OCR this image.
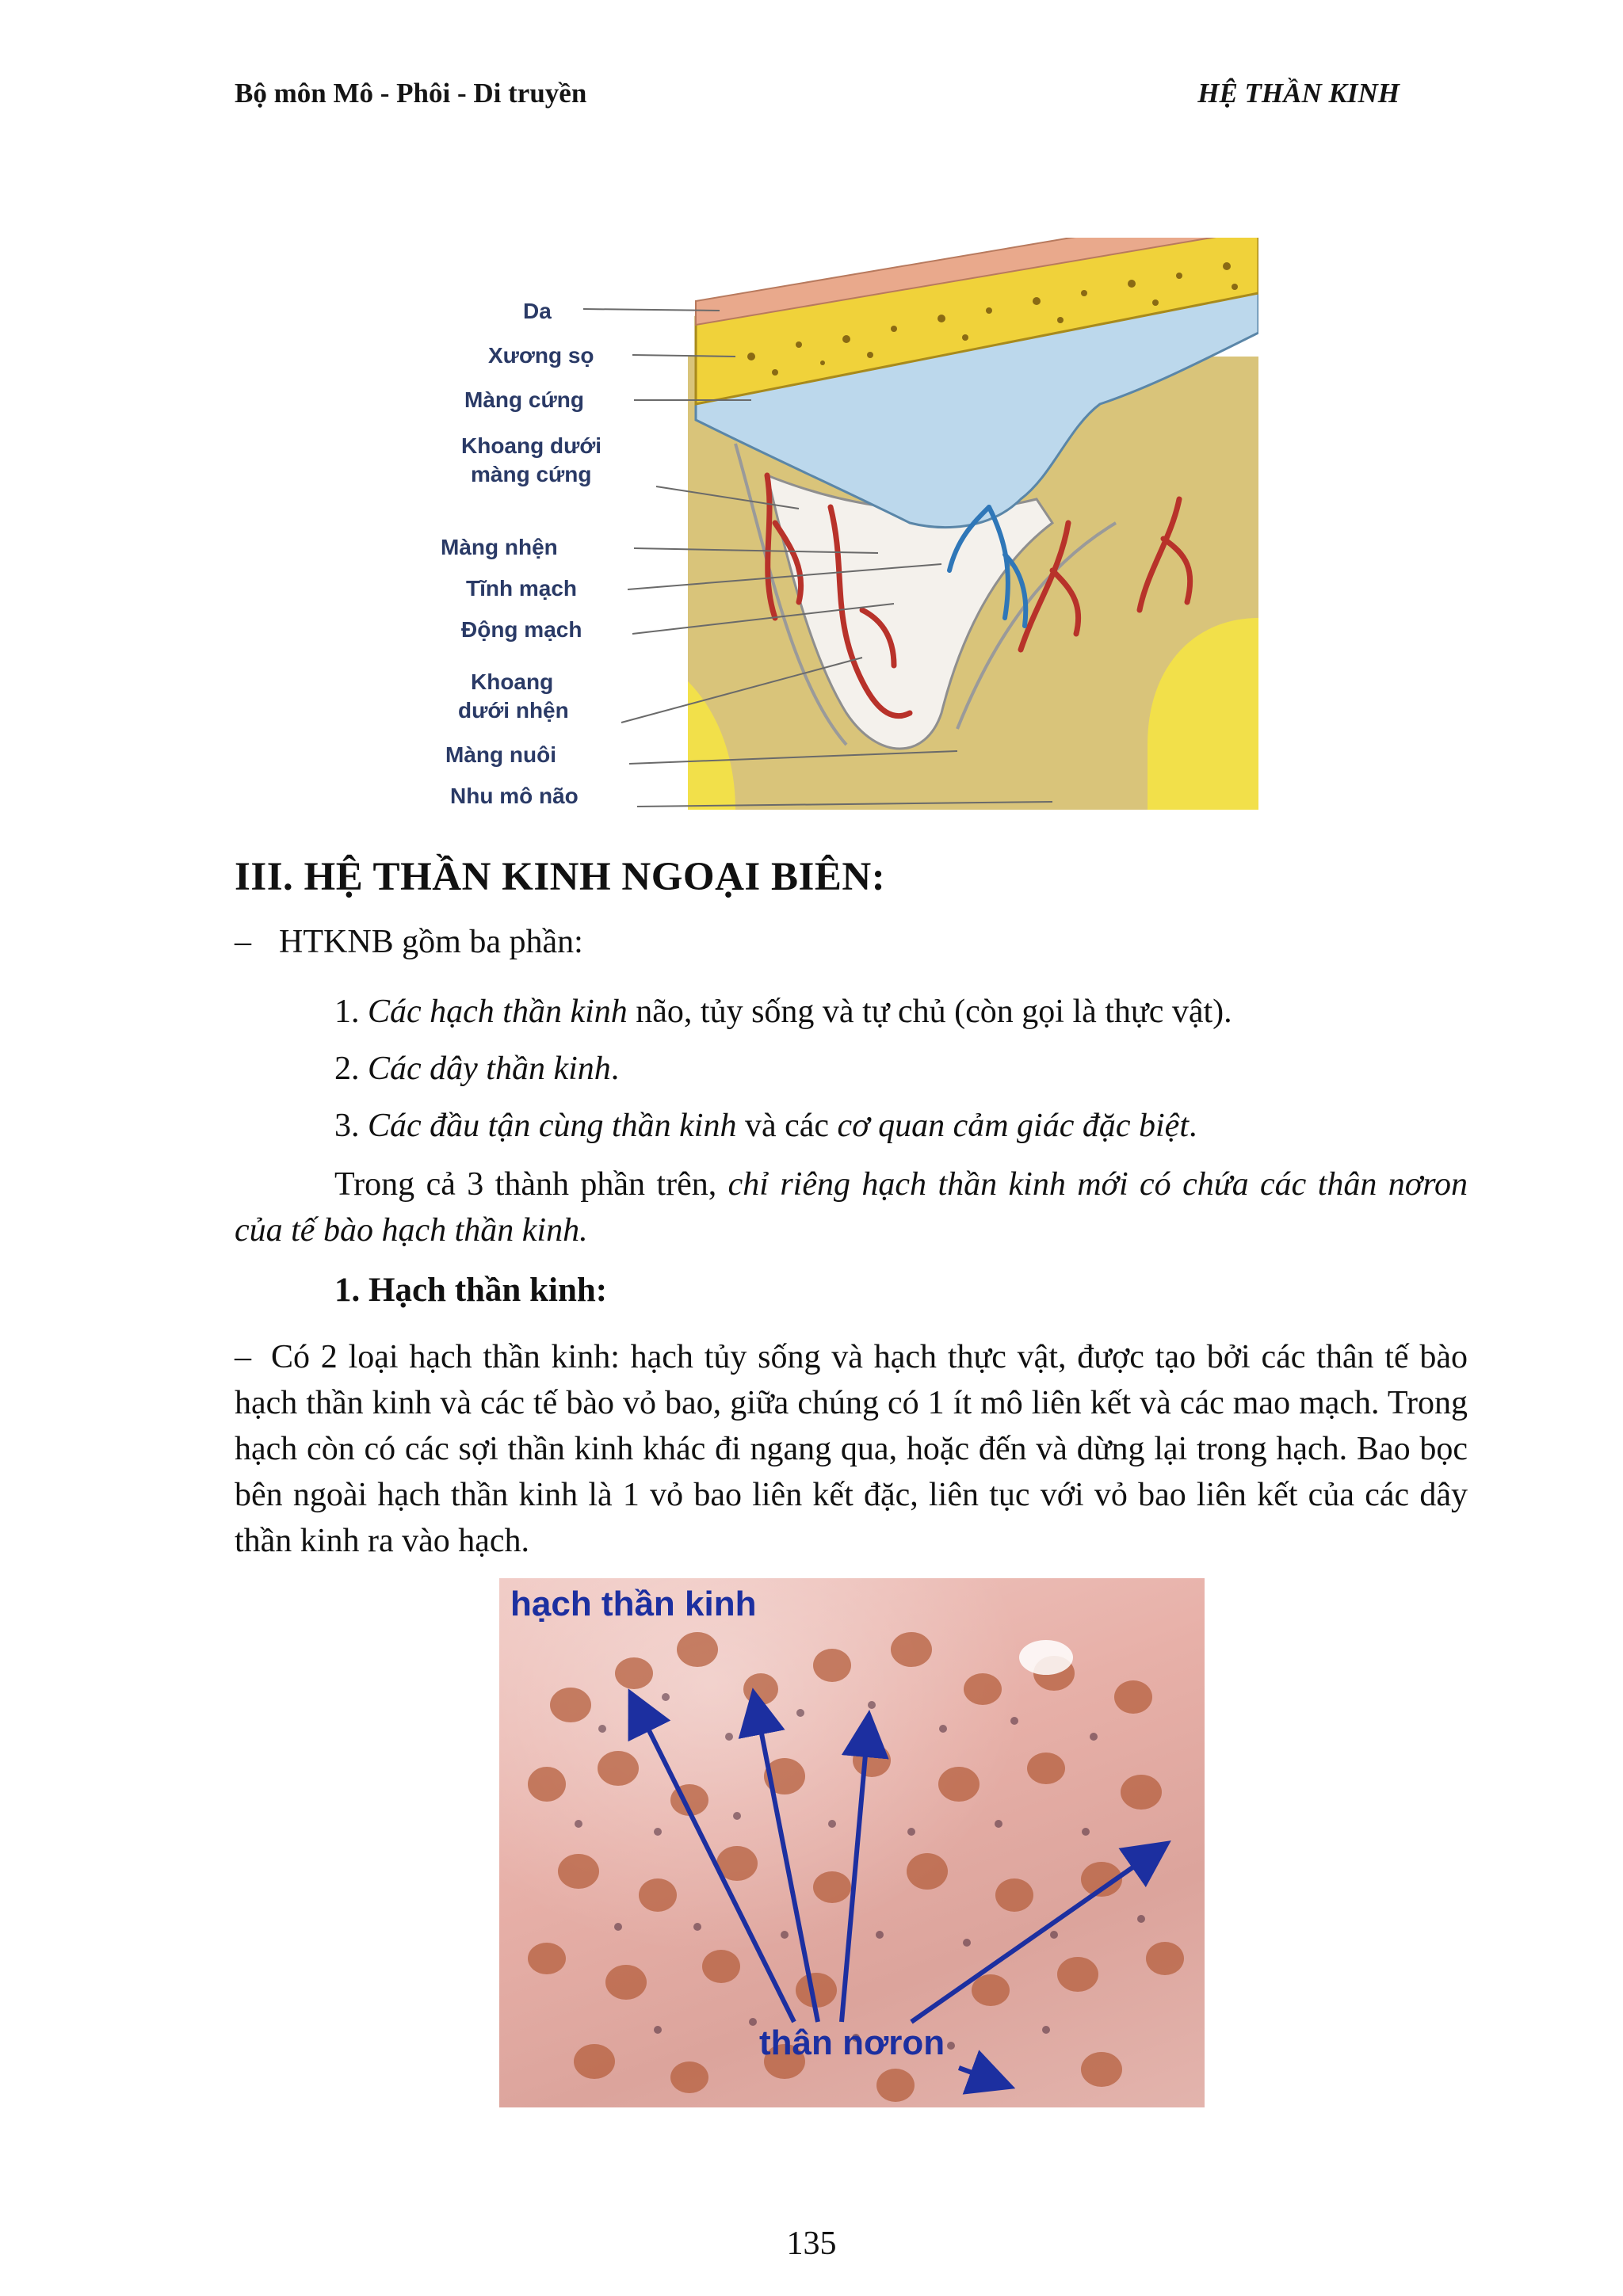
Bộ môn Mô - Phôi - Di truyền	HỆ THẦN KINH
Da
Xương sọ
Màng cứng
Khoang dưới
màng cứng
Màng nhện
Tĩnh mạch
Động mạch
Khoang
dưới nhện
Màng nuôi
Nhu mô não
III. HỆ THẦN KINH NGOẠI BIÊN:
– HTKNB gồm ba phần:
1. Các hạch thần kinh não, tủy sống và tự chủ (còn gọi là thực vật).
2. Các dây thần kinh.
3. Các đầu tận cùng thần kinh và các cơ quan cảm giác đặc biệt.
Trong cả 3 thành phần trên, chỉ riêng hạch thần kinh mới có chứa các thân nơron của tế bào hạch thần kinh.
1. Hạch thần kinh:
– Có 2 loại hạch thần kinh: hạch tủy sống và hạch thực vật, được tạo bởi các thân tế bào hạch thần kinh và các tế bào vỏ bao, giữa chúng có 1 ít mô liên kết và các mao mạch. Trong hạch còn có các sợi thần kinh khác đi ngang qua, hoặc đến và dừng lại trong hạch. Bao bọc bên ngoài hạch thần kinh là 1 vỏ bao liên kết đặc, liên tục với vỏ bao liên kết của các dây thần kinh ra vào hạch.
hạch thần kinh
thân nơron
135
